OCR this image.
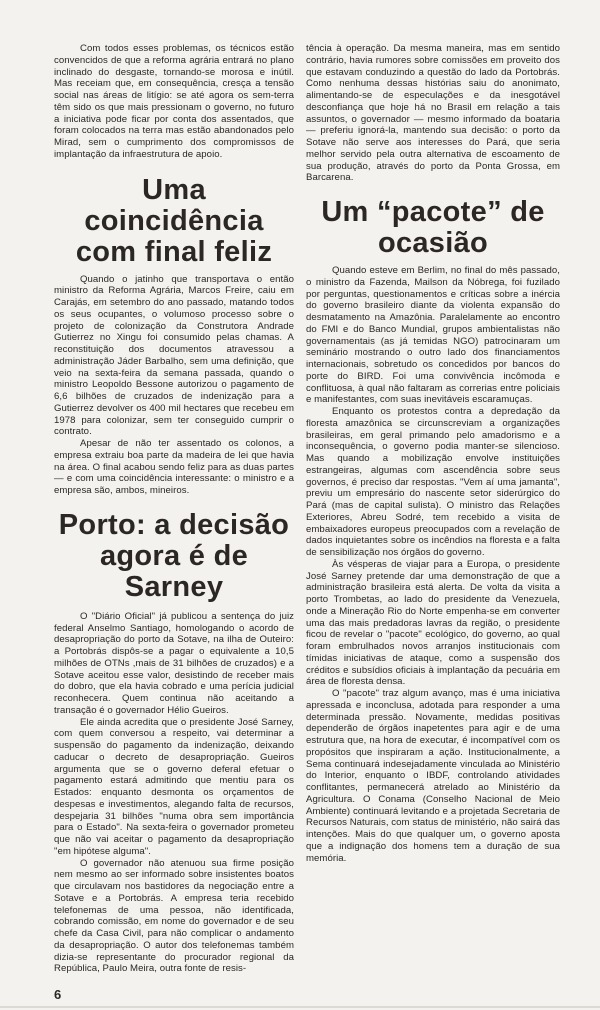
Com todos esses problemas, os técnicos estão convencidos de que a reforma agrária entrará no plano inclinado do desgaste, tornando-se morosa e inútil. Mas receiam que, em consequência, cresça a tensão social nas áreas de litígio: se até agora os sem-terra têm sido os que mais pressionam o governo, no futuro a iniciativa pode ficar por conta dos assentados, que foram colocados na terra mas estão abandonados pelo Mirad, sem o cumprimento dos compromissos de implantação da infraestrutura de apoio.

Uma coincidência com final feliz

Quando o jatinho que transportava o então ministro da Reforma Agrária, Marcos Freire, caiu em Carajás, em setembro do ano passado, matando todos os seus ocupantes, o volumoso processo sobre o projeto de colonização da Construtora Andrade Gutierrez no Xingu foi consumido pelas chamas. A reconstituição dos documentos atravessou a administração Jáder Barbalho, sem uma definição, que veio na sexta-feira da semana passada, quando o ministro Leopoldo Bessone autorizou o pagamento de 6,6 bilhões de cruzados de indenização para a Gutierrez devolver os 400 mil hectares que recebeu em 1978 para colonizar, sem ter conseguido cumprir o contrato.

Apesar de não ter assentado os colonos, a empresa extraiu boa parte da madeira de lei que havia na área. O final acabou sendo feliz para as duas partes — e com uma coincidência interessante: o ministro e a empresa são, ambos, mineiros.

Porto: a decisão agora é de Sarney

O "Diário Oficial" já publicou a sentença do juiz federal Anselmo Santiago, homologando o acordo de desapropriação do porto da Sotave, na ilha de Outeiro: a Portobrás dispôs-se a pagar o equivalente a 10,5 milhões de OTNs ,mais de 31 bilhões de cruzados) e a Sotave aceitou esse valor, desistindo de receber mais do dobro, que ela havia cobrado e uma perícia judicial reconhecera. Quem continua não aceitando a transação é o governador Hélio Gueiros.

Ele ainda acredita que o presidente José Sarney, com quem conversou a respeito, vai determinar a suspensão do pagamento da indenização, deixando caducar o decreto de desapropriação. Gueiros argumenta que se o governo deferal efetuar o pagamento estará admitindo que mentiu para os Estados: enquanto desmonta os orçamentos de despesas e investimentos, alegando falta de recursos, despejaria 31 bilhões "numa obra sem importância para o Estado". Na sexta-feira o governador prometeu que não vai aceitar o pagamento da desapropriação "em hipótese alguma".

O governador não atenuou sua firme posição nem mesmo ao ser informado sobre insistentes boatos que circulavam nos bastidores da negociação entre a Sotave e a Portobrás. A empresa teria recebido telefonemas de uma pessoa, não identificada, cobrando comissão, em nome do governador e de seu chefe da Casa Civil, para não complicar o andamento da desapropriação. O autor dos telefonemas também dizia-se representante do procurador regional da República, Paulo Meira, outra fonte de resis-

6

tência à operação. Da mesma maneira, mas em sentido contrário, havia rumores sobre comissões em proveito dos que estavam conduzindo a questão do lado da Portobrás. Como nenhuma dessas histórias saiu do anonimato, alimentando-se de especulações e da inesgotável desconfiança que hoje há no Brasil em relação a tais assuntos, o governador — mesmo informado da boataria — preferiu ignorá-la, mantendo sua decisão: o porto da Sotave não serve aos interesses do Pará, que seria melhor servido pela outra alternativa de escoamento de sua produção, através do porto da Ponta Grossa, em Barcarena.

Um “pacote” de ocasião

Quando esteve em Berlim, no final do mês passado, o ministro da Fazenda, Mailson da Nóbrega, foi fuzilado por perguntas, questionamentos e críticas sobre a inércia do governo brasileiro diante da violenta expansão do desmatamento na Amazônia. Paralelamente ao encontro do FMI e do Banco Mundial, grupos ambientalistas não governamentais (as já temidas NGO) patrocinaram um seminário mostrando o outro lado dos financiamentos internacionais, sobretudo os concedidos por bancos do porte do BIRD. Foi uma convivência incômoda e conflituosa, à qual não faltaram as correrias entre policiais e manifestantes, com suas inevitáveis escaramuças.

Enquanto os protestos contra a depredação da floresta amazônica se circunscreviam a organizações brasileiras, em geral primando pelo amadorismo e a inconsequência, o governo podia manter-se silencioso. Mas quando a mobilização envolve instituições estrangeiras, algumas com ascendência sobre seus governos, é preciso dar respostas. "Vem aí uma jamanta", previu um empresário do nascente setor siderúrgico do Pará (mas de capital sulista). O ministro das Relações Exteriores, Abreu Sodré, tem recebido a visita de embaixadores europeus preocupados com a revelação de dados inquietantes sobre os incêndios na floresta e a falta de sensibilização nos órgãos do governo.

Às vésperas de viajar para a Europa, o presidente José Sarney pretende dar uma demonstração de que a administração brasileira está alerta. De volta da visita a porto Trombetas, ao lado do presidente da Venezuela, onde a Mineração Rio do Norte empenha-se em converter uma das mais predadoras lavras da região, o presidente ficou de revelar o "pacote" ecológico, do governo, ao qual foram embrulhados novos arranjos institucionais com tímidas iniciativas de ataque, como a suspensão dos créditos e subsídios oficiais à implantação da pecuária em área de floresta densa.

O "pacote" traz algum avanço, mas é uma iniciativa apressada e inconclusa, adotada para responder a uma determinada pressão. Novamente, medidas positivas dependerão de órgãos inapetentes para agir e de uma estrutura que, na hora de executar, é incompatível com os propósitos que inspiraram a ação. Institucionalmente, a Sema continuará indesejadamente vinculada ao Ministério do Interior, enquanto o IBDF, controlando atividades conflitantes, permanecerá atrelado ao Ministério da Agricultura. O Conama (Conselho Nacional de Meio Ambiente) continuará levitando e a projetada Secretaria de Recursos Naturais, com status de ministério, não sairá das intenções. Mais do que qualquer um, o governo aposta que a indignação dos homens tem a duração de sua memória.
